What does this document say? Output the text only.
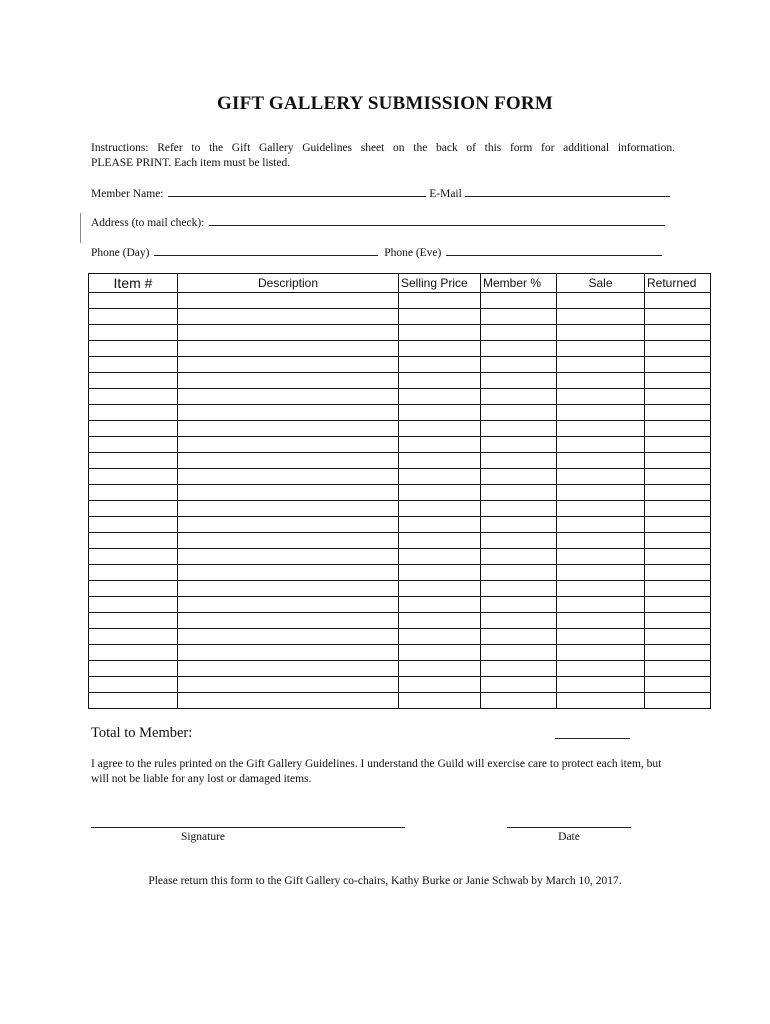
GIFT GALLERY SUBMISSION FORM
Instructions: Refer to the Gift Gallery Guidelines sheet on the back of this form for additional information.
PLEASE PRINT. Each item must be listed.
Member Name:	E-Mail
Address (to mail check):
Phone (Day)	Phone (Eve)
Item #	Description	Selling Price	Member %	Sale	Returned

Total to Member:
I agree to the rules printed on the Gift Gallery Guidelines. I understand the Guild will exercise care to protect each item, but will not be liable for any lost or damaged items.
Signature	Date
Please return this form to the Gift Gallery co-chairs, Kathy Burke or Janie Schwab by March 10, 2017.
